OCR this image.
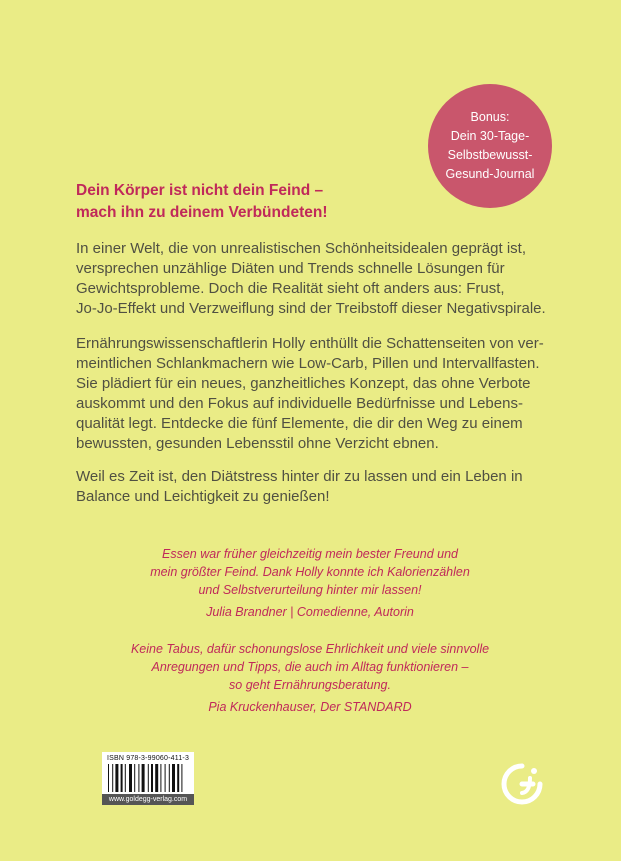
Bonus:
Dein 30-Tage-
Selbstbewusst-
Gesund-Journal
Dein Körper ist nicht dein Feind –
mach ihn zu deinem Verbündeten!
In einer Welt, die von unrealistischen Schönheitsidealen geprägt ist,
versprechen unzählige Diäten und Trends schnelle Lösungen für
Gewichtsprobleme. Doch die Realität sieht oft anders aus: Frust,
Jo-Jo-Effekt und Verzweiflung sind der Treibstoff dieser Negativspirale.
Ernährungswissenschaftlerin Holly enthüllt die Schattenseiten von ver-
meintlichen Schlankmachern wie Low-Carb, Pillen und Intervallfasten.
Sie plädiert für ein neues, ganzheitliches Konzept, das ohne Verbote
auskommt und den Fokus auf individuelle Bedürfnisse und Lebens-
qualität legt. Entdecke die fünf Elemente, die dir den Weg zu einem
bewussten, gesunden Lebensstil ohne Verzicht ebnen.
Weil es Zeit ist, den Diätstress hinter dir zu lassen und ein Leben in
Balance und Leichtigkeit zu genießen!
Essen war früher gleichzeitig mein bester Freund und
mein größter Feind. Dank Holly konnte ich Kalorienzählen
und Selbstverurteilung hinter mir lassen!
Julia Brandner | Comedienne, Autorin
Keine Tabus, dafür schonungslose Ehrlichkeit und viele sinnvolle
Anregungen und Tipps, die auch im Alltag funktionieren –
so geht Ernährungsberatung.
Pia Kruckenhauser, Der STANDARD
ISBN 978-3-99060-411-3
www.goldegg-verlag.com
